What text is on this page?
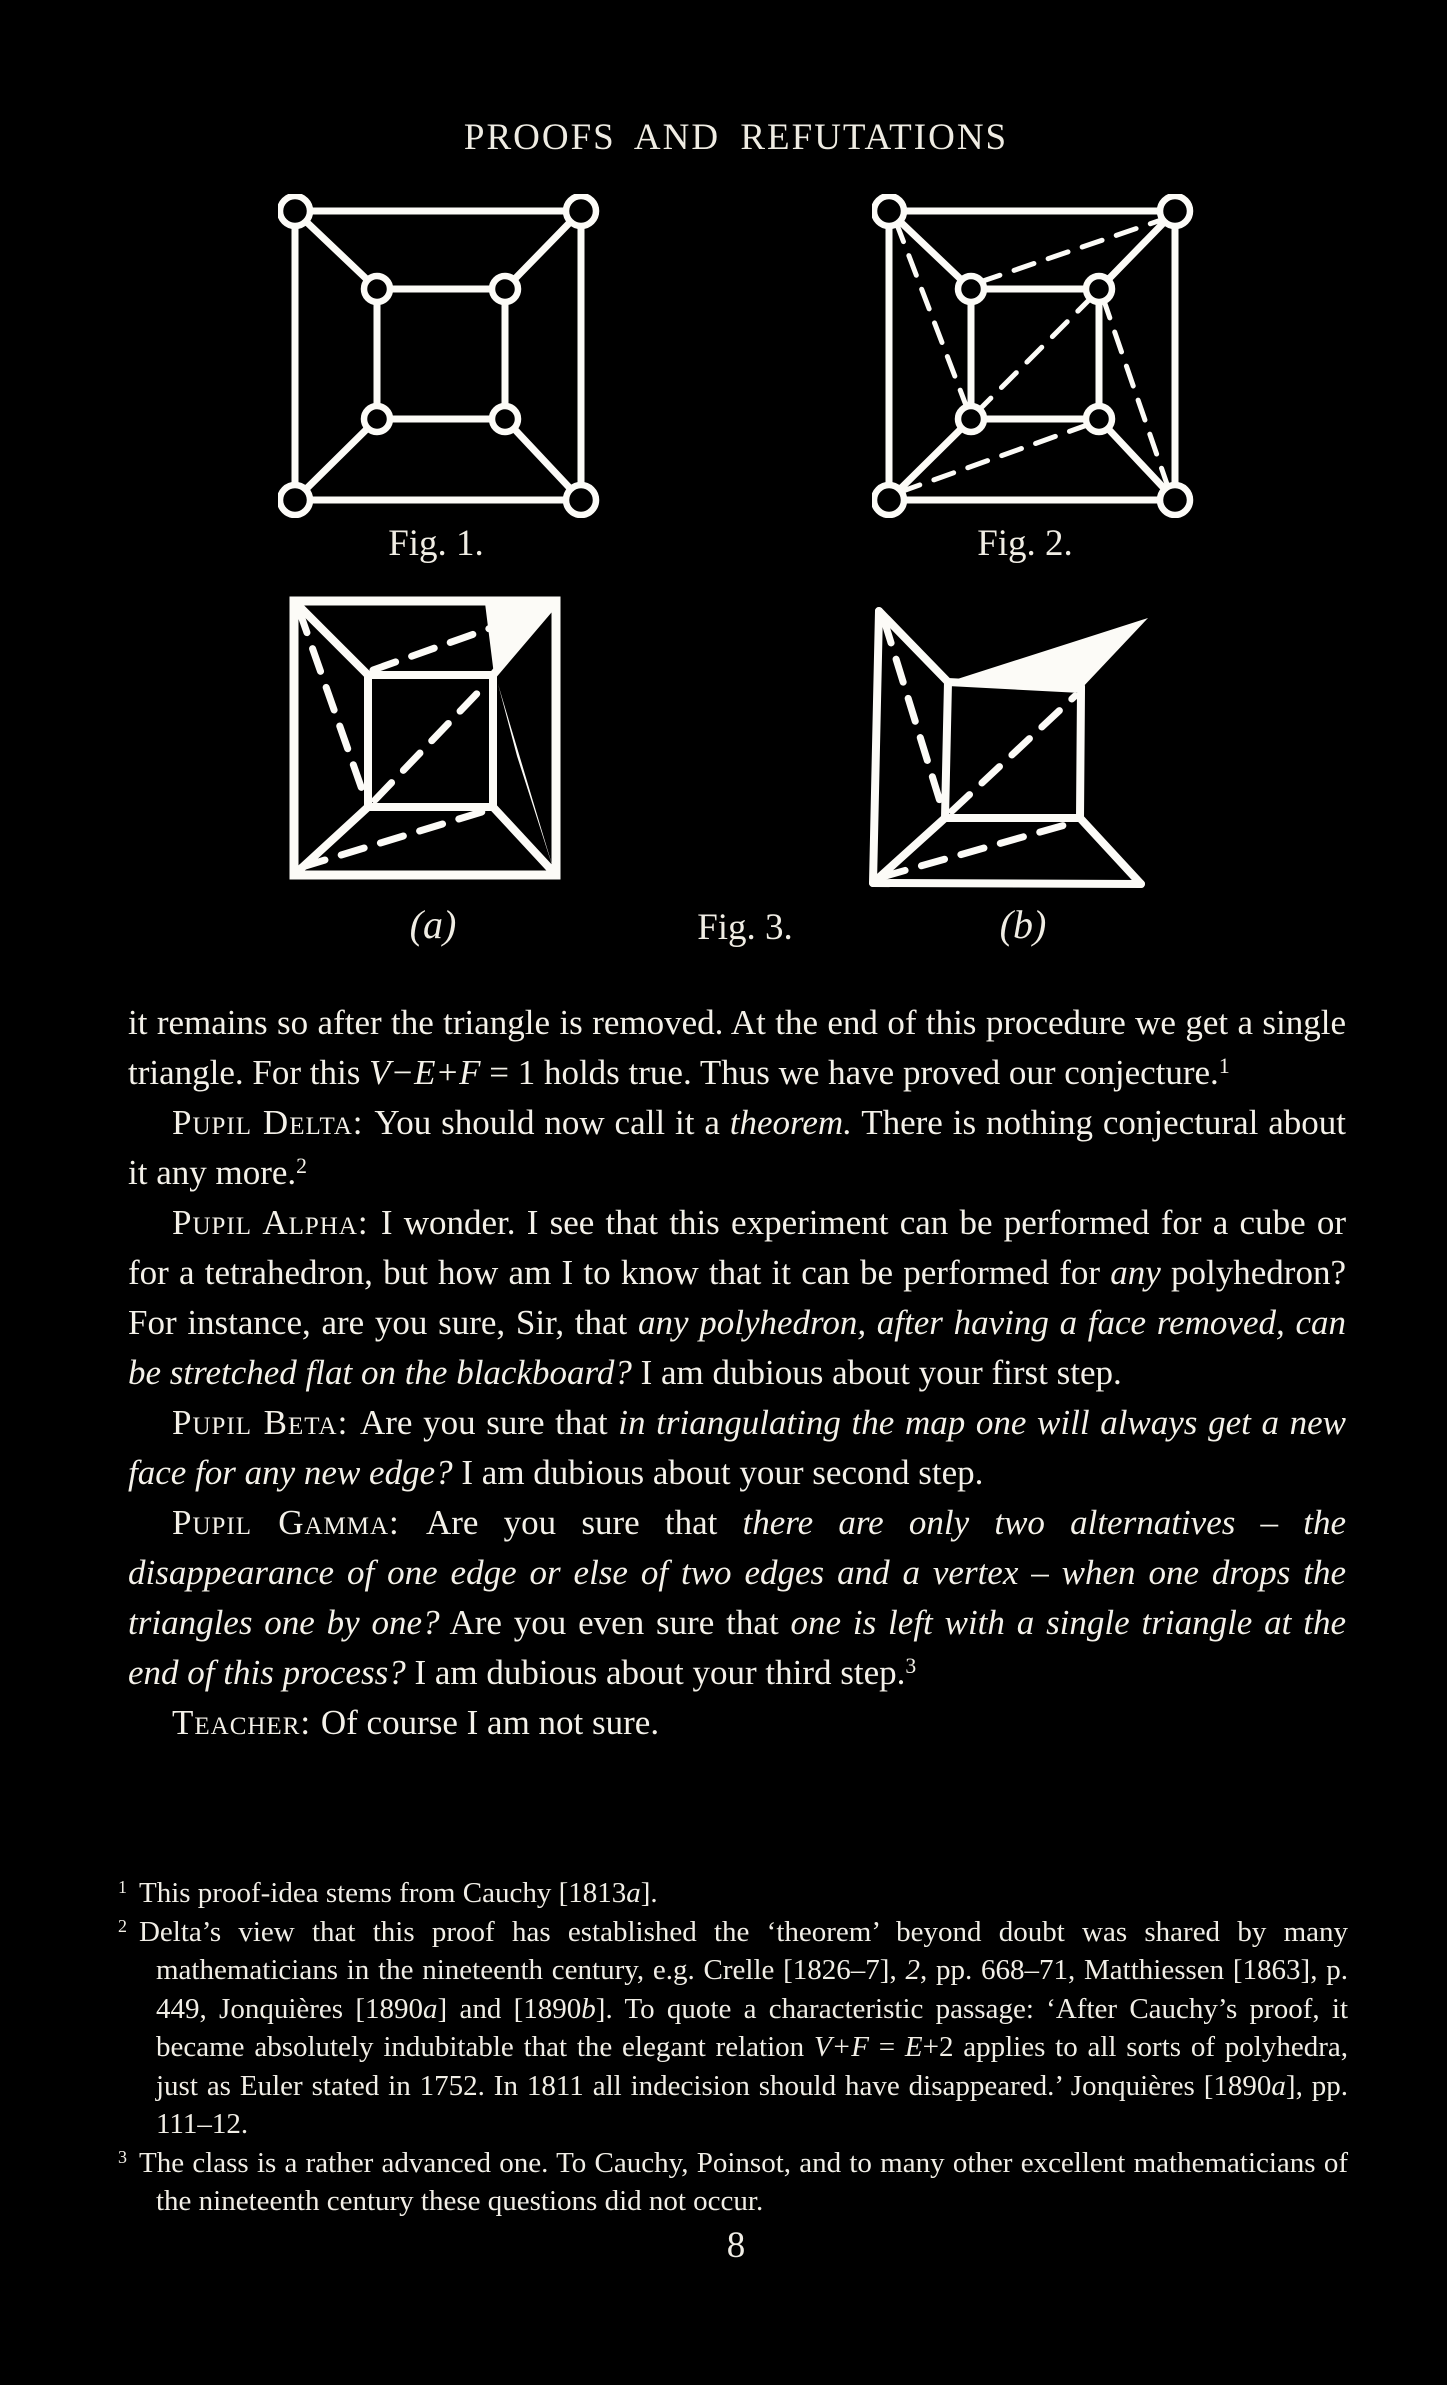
PROOFS AND REFUTATIONS
Fig. 1.	Fig. 2.
(a)	Fig. 3.	(b)

it remains so after the triangle is removed. At the end of this procedure we get a single triangle. For this V−E+F = 1 holds true. Thus we have proved our conjecture.$^1$

Pupil Delta: You should now call it a theorem. There is nothing conjectural about it any more.$^2$

Pupil Alpha: I wonder. I see that this experiment can be performed for a cube or for a tetrahedron, but how am I to know that it can be performed for any polyhedron? For instance, are you sure, Sir, that any polyhedron, after having a face removed, can be stretched flat on the blackboard? I am dubious about your first step.

Pupil Beta: Are you sure that in triangulating the map one will always get a new face for any new edge? I am dubious about your second step.

Pupil Gamma: Are you sure that there are only two alternatives – the disappearance of one edge or else of two edges and a vertex – when one drops the triangles one by one? Are you even sure that one is left with a single triangle at the end of this process? I am dubious about your third step.$^3$

Teacher: Of course I am not sure.

$^1$ This proof-idea stems from Cauchy [1813a].

$^2$ Delta’s view that this proof has established the ‘theorem’ beyond doubt was shared by many mathematicians in the nineteenth century, e.g. Crelle [1826–7], 2, pp. 668–71, Matthiessen [1863], p. 449, Jonquières [1890a] and [1890b]. To quote a characteristic passage: ‘After Cauchy’s proof, it became absolutely indubitable that the elegant relation V+F = E+2 applies to all sorts of polyhedra, just as Euler stated in 1752. In 1811 all indecision should have disappeared.’ Jonquières [1890a], pp. 111–12.

$^3$ The class is a rather advanced one. To Cauchy, Poinsot, and to many other excellent mathematicians of the nineteenth century these questions did not occur.

8
